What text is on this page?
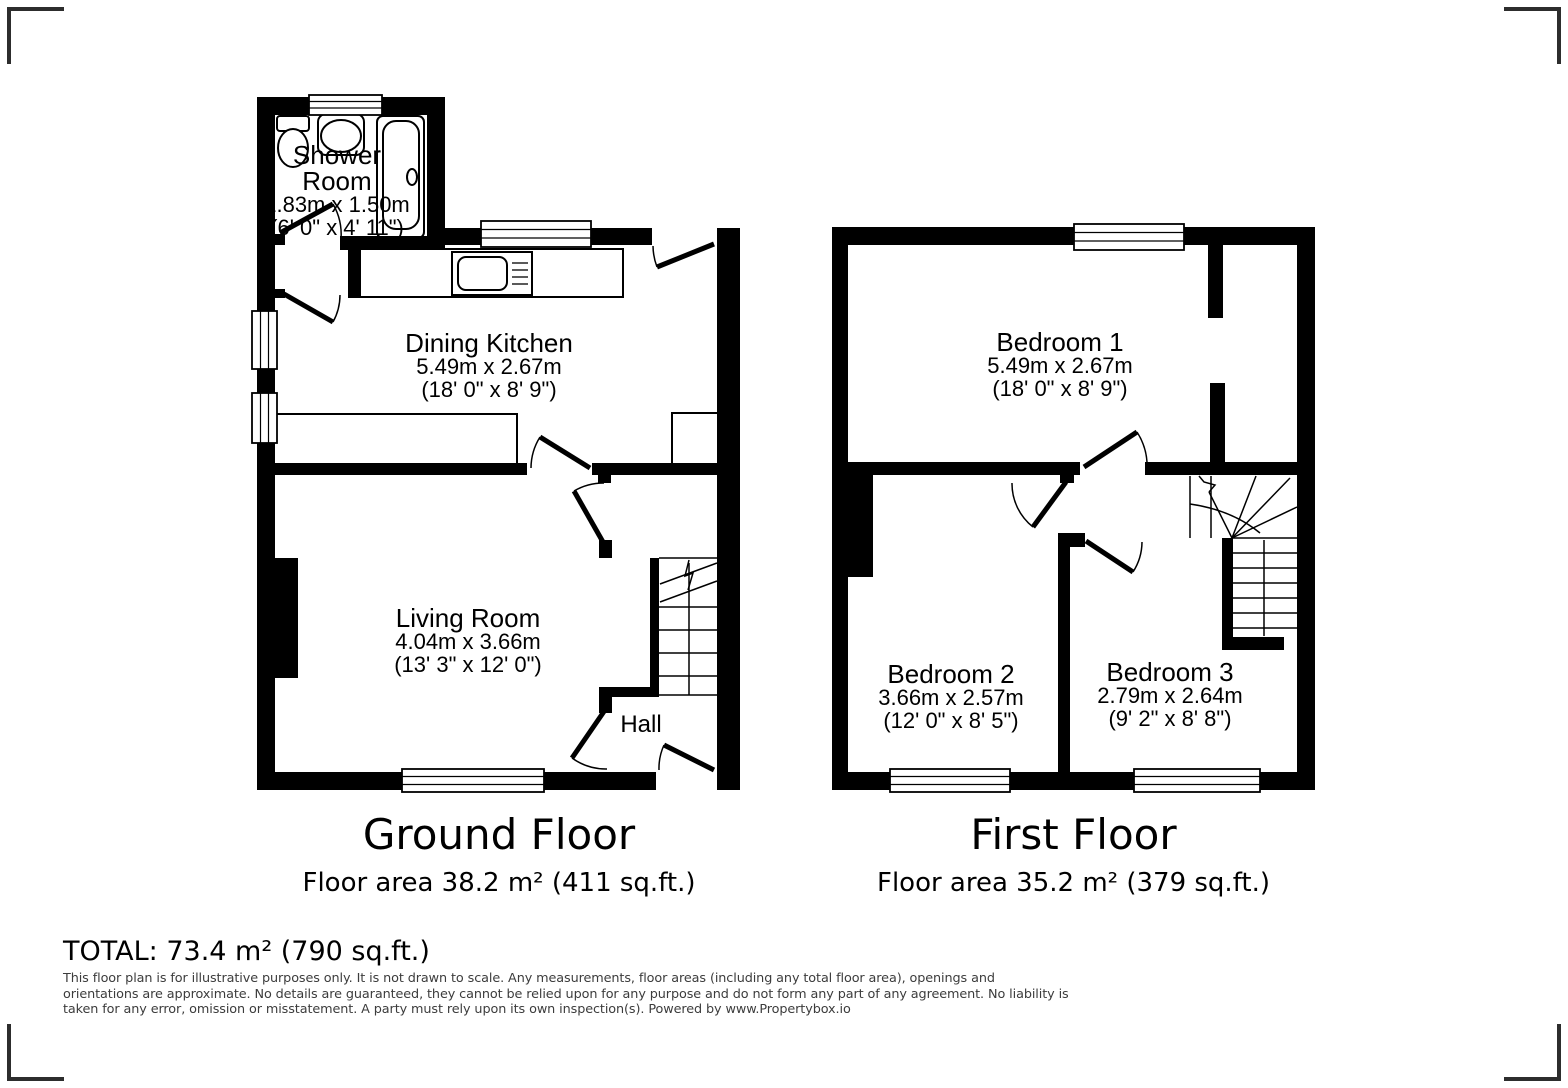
Shower Room
1.83m x 1.50m
(6' 0" x 4' 11")
Dining Kitchen
5.49m x 2.67m
(18' 0" x 8' 9")
Living Room
4.04m x 3.66m
(13' 3" x 12' 0")
Hall
Bedroom 1
5.49m x 2.67m
(18' 0" x 8' 9")
Bedroom 2
3.66m x 2.57m
(12' 0" x 8' 5")
Bedroom 3
2.79m x 2.64m
(9' 2" x 8' 8")
Ground Floor
Floor area 38.2 m² (411 sq.ft.)
First Floor
Floor area 35.2 m² (379 sq.ft.)
TOTAL: 73.4 m² (790 sq.ft.)
This floor plan is for illustrative purposes only. It is not drawn to scale. Any measurements, floor areas (including any total floor area), openings and
orientations are approximate. No details are guaranteed, they cannot be relied upon for any purpose and do not form any part of any agreement. No liability is
taken for any error, omission or misstatement. A party must rely upon its own inspection(s). Powered by www.Propertybox.io
